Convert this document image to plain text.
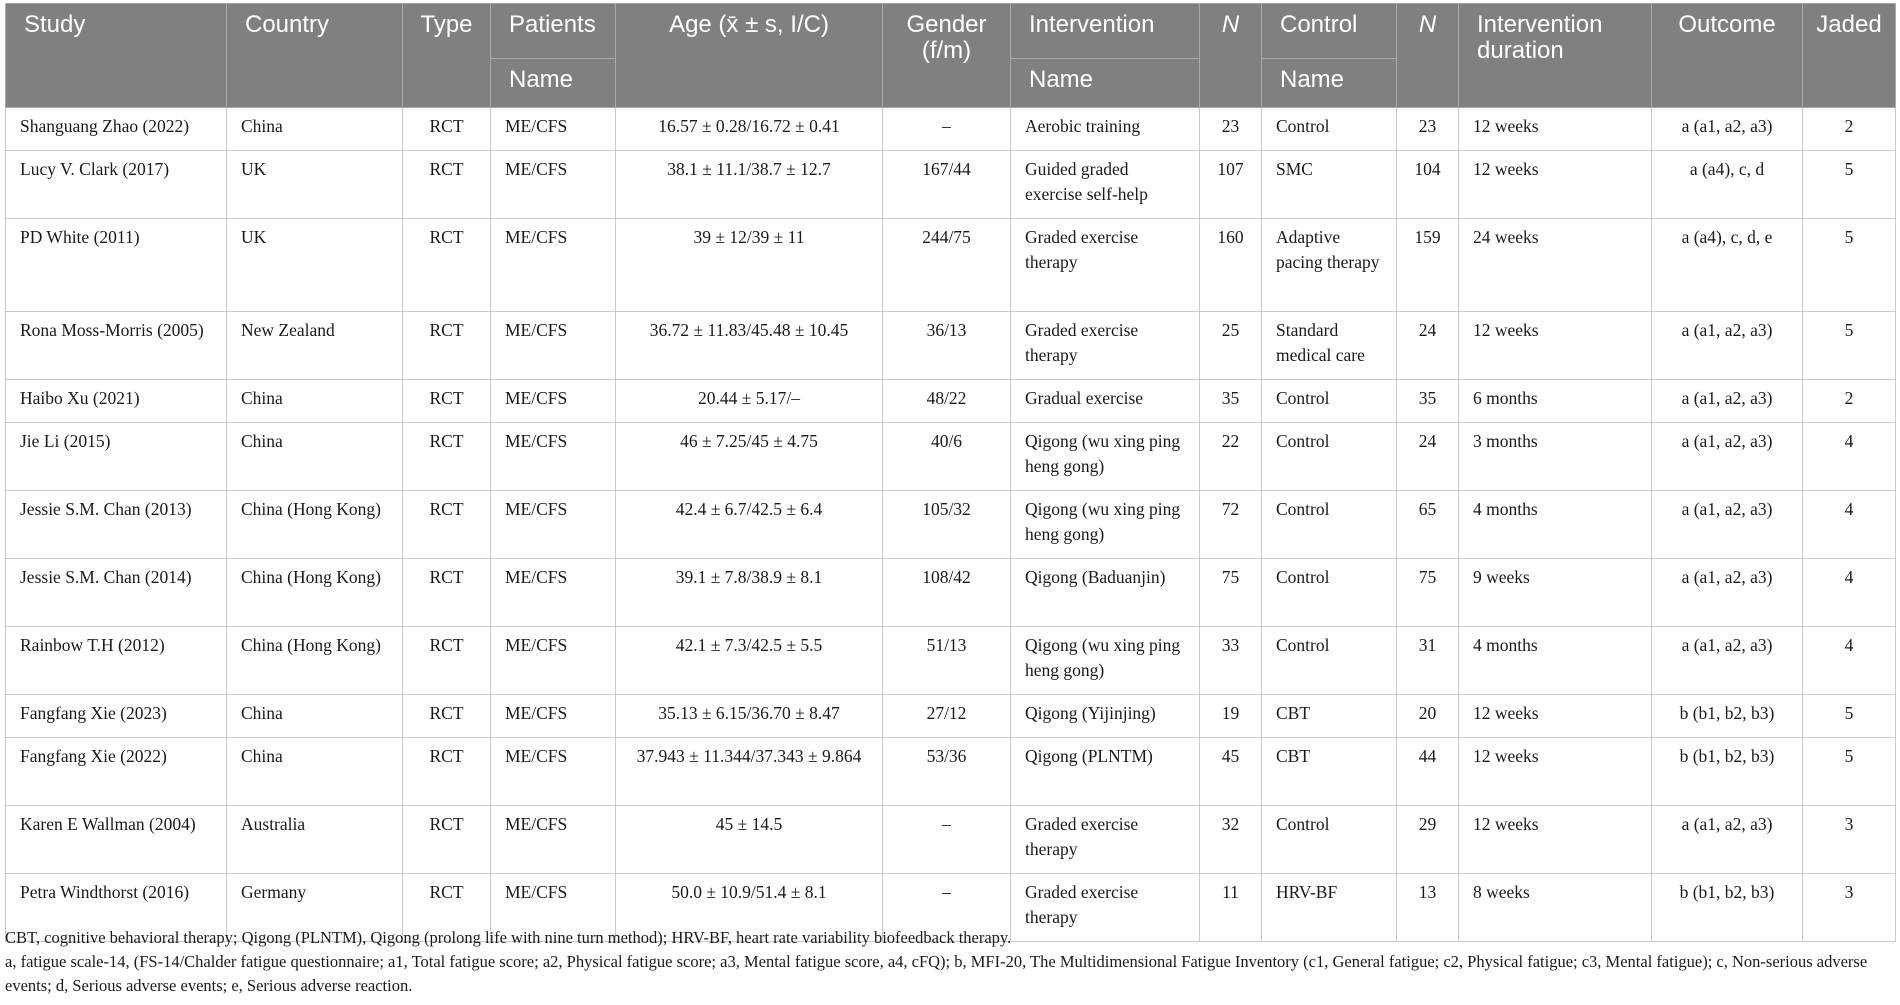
Study	Country	Type	Patients	Age (x̄ ± s, I/C)	Gender (f/m)	Intervention	N	Control	N	Intervention duration	Outcome	Jaded
			Name			Name		Name				
Shanguang Zhao (2022)	China	RCT	ME/CFS	16.57 ± 0.28/16.72 ± 0.41	–	Aerobic training	23	Control	23	12 weeks	a (a1, a2, a3)	2
Lucy V. Clark (2017)	UK	RCT	ME/CFS	38.1 ± 11.1/38.7 ± 12.7	167/44	Guided graded exercise self-help	107	SMC	104	12 weeks	a (a4), c, d	5
PD White (2011)	UK	RCT	ME/CFS	39 ± 12/39 ± 11	244/75	Graded exercise therapy	160	Adaptive pacing therapy	159	24 weeks	a (a4), c, d, e	5
Rona Moss-Morris (2005)	New Zealand	RCT	ME/CFS	36.72 ± 11.83/45.48 ± 10.45	36/13	Graded exercise therapy	25	Standard medical care	24	12 weeks	a (a1, a2, a3)	5
Haibo Xu (2021)	China	RCT	ME/CFS	20.44 ± 5.17/–	48/22	Gradual exercise	35	Control	35	6 months	a (a1, a2, a3)	2
Jie Li (2015)	China	RCT	ME/CFS	46 ± 7.25/45 ± 4.75	40/6	Qigong (wu xing ping heng gong)	22	Control	24	3 months	a (a1, a2, a3)	4
Jessie S.M. Chan (2013)	China (Hong Kong)	RCT	ME/CFS	42.4 ± 6.7/42.5 ± 6.4	105/32	Qigong (wu xing ping heng gong)	72	Control	65	4 months	a (a1, a2, a3)	4
Jessie S.M. Chan (2014)	China (Hong Kong)	RCT	ME/CFS	39.1 ± 7.8/38.9 ± 8.1	108/42	Qigong (Baduanjin)	75	Control	75	9 weeks	a (a1, a2, a3)	4
Rainbow T.H (2012)	China (Hong Kong)	RCT	ME/CFS	42.1 ± 7.3/42.5 ± 5.5	51/13	Qigong (wu xing ping heng gong)	33	Control	31	4 months	a (a1, a2, a3)	4
Fangfang Xie (2023)	China	RCT	ME/CFS	35.13 ± 6.15/36.70 ± 8.47	27/12	Qigong (Yijinjing)	19	CBT	20	12 weeks	b (b1, b2, b3)	5
Fangfang Xie (2022)	China	RCT	ME/CFS	37.943 ± 11.344/37.343 ± 9.864	53/36	Qigong (PLNTM)	45	CBT	44	12 weeks	b (b1, b2, b3)	5
Karen E Wallman (2004)	Australia	RCT	ME/CFS	45 ± 14.5	–	Graded exercise therapy	32	Control	29	12 weeks	a (a1, a2, a3)	3
Petra Windthorst (2016)	Germany	RCT	ME/CFS	50.0 ± 10.9/51.4 ± 8.1	–	Graded exercise therapy	11	HRV-BF	13	8 weeks	b (b1, b2, b3)	3

CBT, cognitive behavioral therapy; Qigong (PLNTM), Qigong (prolong life with nine turn method); HRV-BF, heart rate variability biofeedback therapy.

a, fatigue scale-14, (FS-14/Chalder fatigue questionnaire; a1, Total fatigue score; a2, Physical fatigue score; a3, Mental fatigue score, a4, cFQ); b, MFI-20, The Multidimensional Fatigue Inventory (c1, General fatigue; c2, Physical fatigue; c3, Mental fatigue); c, Non-serious adverse events; d, Serious adverse events; e, Serious adverse reaction.
